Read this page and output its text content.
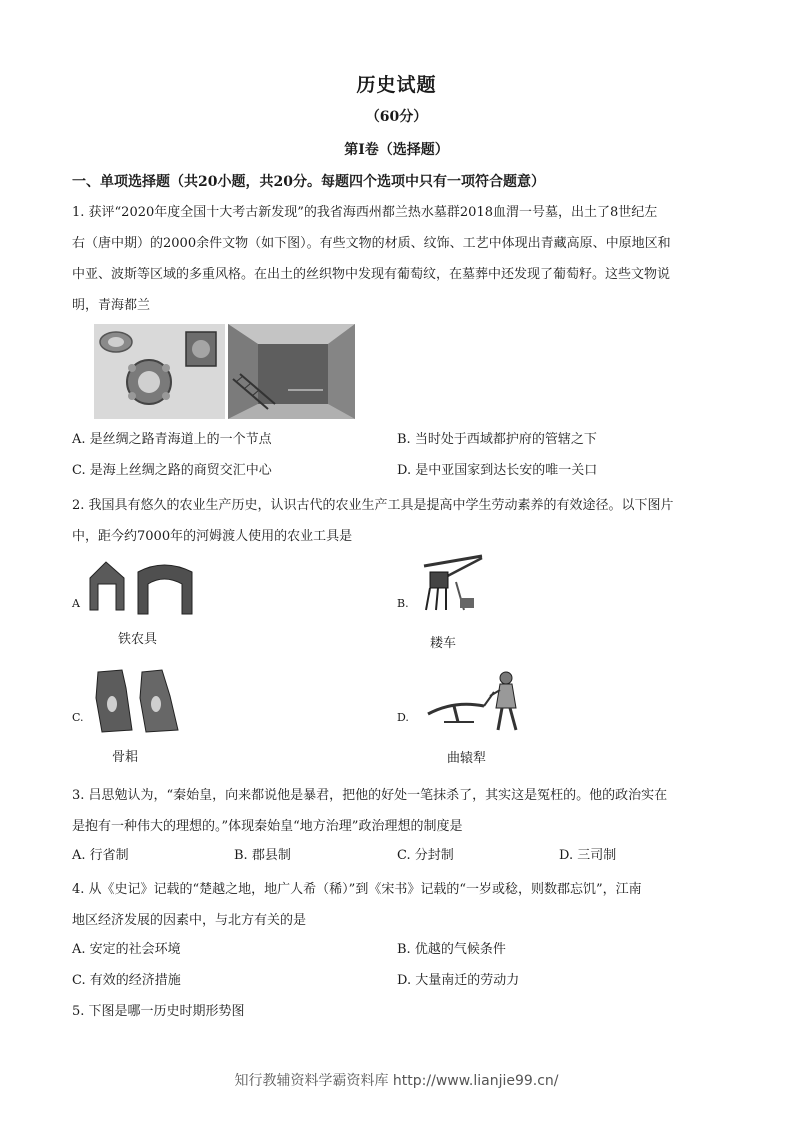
历史试题
（60分）
第Ⅰ卷（选择题）
一、单项选择题（共20小题，共20分。每题四个选项中只有一项符合题意）
1. 获评“2020年度全国十大考古新发现”的我省海西州都兰热水墓群2018血渭一号墓，出土了8世纪左
右（唐中期）的2000余件文物（如下图）。有些文物的材质、纹饰、工艺中体现出青藏高原、中原地区和
中亚、波斯等区域的多重风格。在出土的丝织物中发现有葡萄纹，在墓葬中还发现了葡萄籽。这些文物说
明，青海都兰
A. 是丝绸之路青海道上的一个节点	B. 当时处于西域都护府的管辖之下
C. 是海上丝绸之路的商贸交汇中心	D. 是中亚国家到达长安的唯一关口
2. 我国具有悠久的农业生产历史，认识古代的农业生产工具是提高中学生劳动素养的有效途径。以下图片
中，距今约7000年的河姆渡人使用的农业工具是
A
铁农具
B.
耧车
C.
骨耜
D.
曲辕犁
3. 吕思勉认为，“秦始皇，向来都说他是暴君，把他的好处一笔抹杀了，其实这是冤枉的。他的政治实在
是抱有一种伟大的理想的。”体现秦始皇“地方治理”政治理想的制度是
A. 行省制	B. 郡县制	C. 分封制	D. 三司制
4. 从《史记》记载的“楚越之地，地广人希（稀）”到《宋书》记载的“一岁或稔，则数郡忘饥”，江南
地区经济发展的因素中，与北方有关的是
A. 安定的社会环境	B. 优越的气候条件
C. 有效的经济措施	D. 大量南迁的劳动力
5. 下图是哪一历史时期形势图
知行教辅资料学霸资料库 http://www.lianjie99.cn/
